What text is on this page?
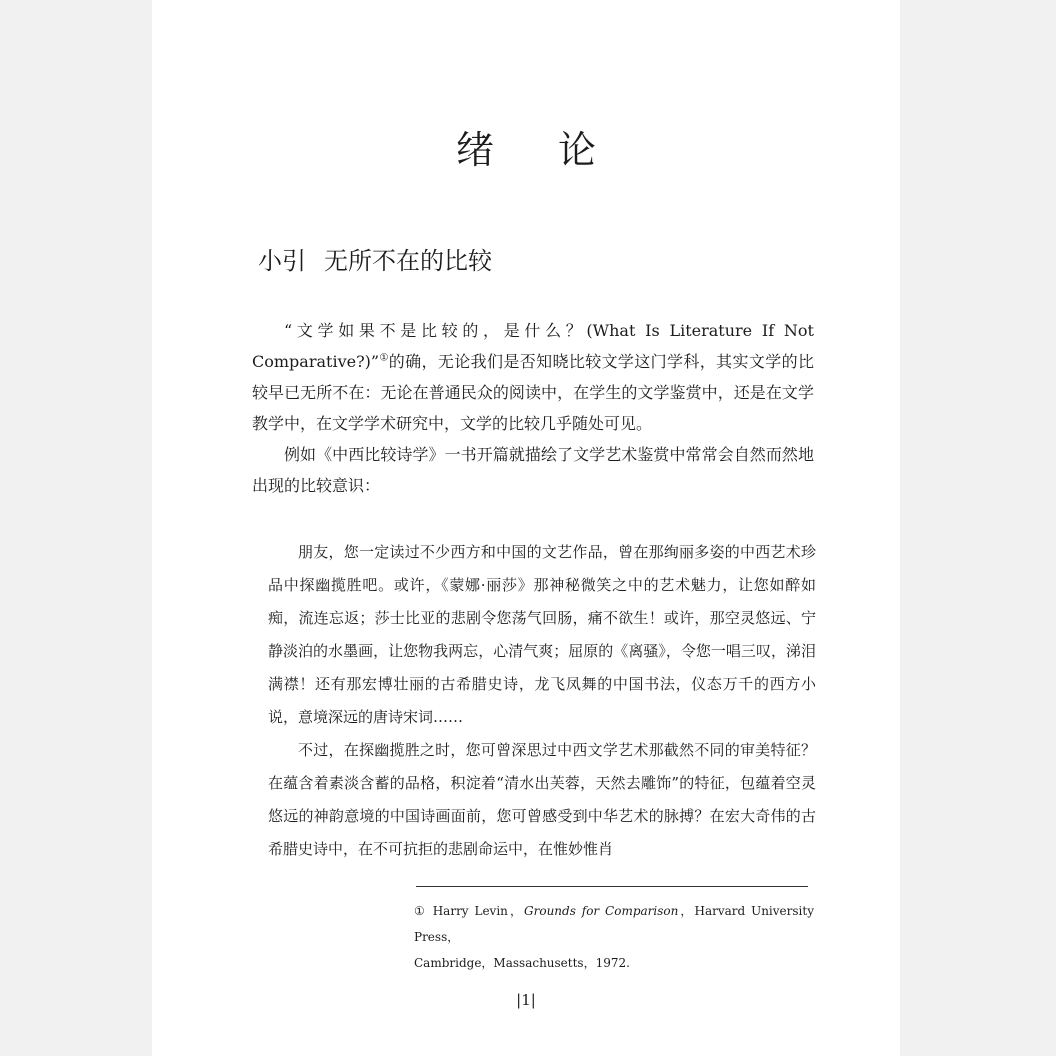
绪论
小引 无所不在的比较

“文学如果不是比较的，是什么？(What Is Literature If Not Comparative?)”①的确，无论我们是否知晓比较文学这门学科，其实文学的比较早已无所不在：无论在普通民众的阅读中，在学生的文学鉴赏中，还是在文学教学中，在文学学术研究中，文学的比较几乎随处可见。

例如《中西比较诗学》一书开篇就描绘了文学艺术鉴赏中常常会自然而然地出现的比较意识：

朋友，您一定读过不少西方和中国的文艺作品，曾在那绚丽多姿的中西艺术珍品中探幽揽胜吧。或许，《蒙娜·丽莎》那神秘微笑之中的艺术魅力，让您如醉如痴，流连忘返；莎士比亚的悲剧令您荡气回肠，痛不欲生！或许，那空灵悠远、宁静淡泊的水墨画，让您物我两忘，心清气爽；屈原的《离骚》，令您一唱三叹，涕泪满襟！还有那宏博壮丽的古希腊史诗，龙飞凤舞的中国书法，仪态万千的西方小说，意境深远的唐诗宋词……

不过，在探幽揽胜之时，您可曾深思过中西文学艺术那截然不同的审美特征？在蕴含着素淡含蓄的品格，积淀着“清水出芙蓉，天然去雕饰”的特征，包蕴着空灵悠远的神韵意境的中国诗画面前，您可曾感受到中华艺术的脉搏？在宏大奇伟的古希腊史诗中，在不可抗拒的悲剧命运中，在惟妙惟肖

① Harry Levin，Grounds for Comparison，Harvard University Press，

Cambridge，Massachusetts，1972.

|1|
